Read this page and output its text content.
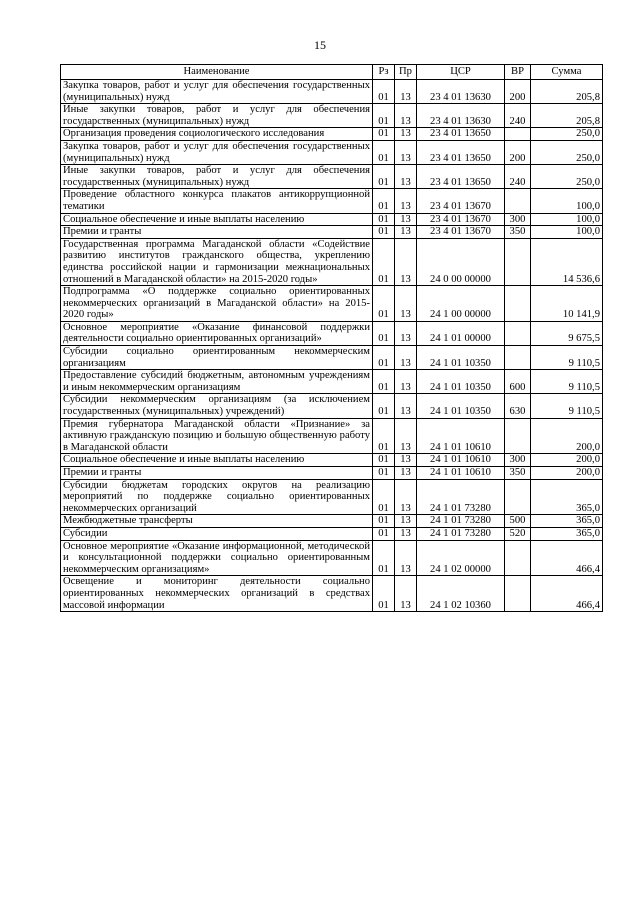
15
Наименование	Рз	Пр	ЦСР	ВР	Сумма
Закупка товаров, работ и услуг для обеспечения государственных (муниципальных) нужд	01	13	23 4 01 13630	200	205,8
Иные закупки товаров, работ и услуг для обеспечения государственных (муниципальных) нужд	01	13	23 4 01 13630	240	205,8
Организация проведения социологического исследования	01	13	23 4 01 13650		250,0
Закупка товаров, работ и услуг для обеспечения государственных (муниципальных) нужд	01	13	23 4 01 13650	200	250,0
Иные закупки товаров, работ и услуг для обеспечения государственных (муниципальных) нужд	01	13	23 4 01 13650	240	250,0
Проведение областного конкурса плакатов антикоррупционной тематики	01	13	23 4 01 13670		100,0
Социальное обеспечение и иные выплаты населению	01	13	23 4 01 13670	300	100,0
Премии и гранты	01	13	23 4 01 13670	350	100,0
Государственная программа Магаданской области «Содействие развитию институтов гражданского общества, укреплению единства российской нации и гармонизации межнациональных отношений в Магаданской области» на 2015-2020 годы»	01	13	24 0 00 00000		14 536,6
Подпрограмма «О поддержке социально ориентированных некоммерческих организаций в Магаданской области» на 2015-2020 годы»	01	13	24 1 00 00000		10 141,9
Основное мероприятие «Оказание финансовой поддержки деятельности социально ориентированных организаций»	01	13	24 1 01 00000		9 675,5
Субсидии социально ориентированным некоммерческим организациям	01	13	24 1 01 10350		9 110,5
Предоставление субсидий бюджетным, автономным учреждениям и иным некоммерческим организациям	01	13	24 1 01 10350	600	9 110,5
Субсидии некоммерческим организациям (за исключением государственных (муниципальных) учреждений)	01	13	24 1 01 10350	630	9 110,5
Премия губернатора Магаданской области «Признание» за активную гражданскую позицию и большую общественную работу в Магаданской области	01	13	24 1 01 10610		200,0
Социальное обеспечение и иные выплаты населению	01	13	24 1 01 10610	300	200,0
Премии и гранты	01	13	24 1 01 10610	350	200,0
Субсидии бюджетам городских округов на реализацию мероприятий по поддержке социально ориентированных некоммерческих организаций	01	13	24 1 01 73280		365,0
Межбюджетные трансферты	01	13	24 1 01 73280	500	365,0
Субсидии	01	13	24 1 01 73280	520	365,0
Основное мероприятие «Оказание информационной, методической и консультационной поддержки социально ориентированным некоммерческим организациям»	01	13	24 1 02 00000		466,4
Освещение и мониторинг деятельности социально ориентированных некоммерческих организаций в средствах массовой информации	01	13	24 1 02 10360		466,4
